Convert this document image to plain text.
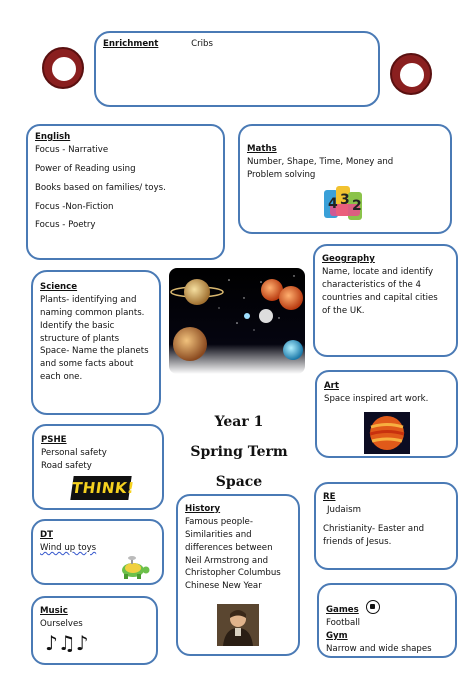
Enrichment	Cribs
English
Focus - Narrative
Power of Reading using
Books based on families/ toys.
Focus -Non-Fiction
Focus - Poetry
Maths
Number, Shape, Time, Money and
Problem solving
4 3 2
Geography
Name, locate and identify
characteristics of the 4
countries and capital cities
of the UK.
Science
Plants- identifying and
naming common plants.
Identify the basic
structure of plants
Space- Name the planets
and some facts about
each one.
Art
Space inspired art work.
Year 1
Spring Term
Space
PSHE
Personal safety
Road safety
THINK!	RE
Judaism
Christianity- Easter and
friends of Jesus.
History
Famous people-
Similarities and
differences between
Neil Armstrong and
Christopher Columbus
Chinese New Year
DT
Wind up toys
Games
Football
Gym
Narrow and wide shapes
Music
Ourselves
♪♫♪
